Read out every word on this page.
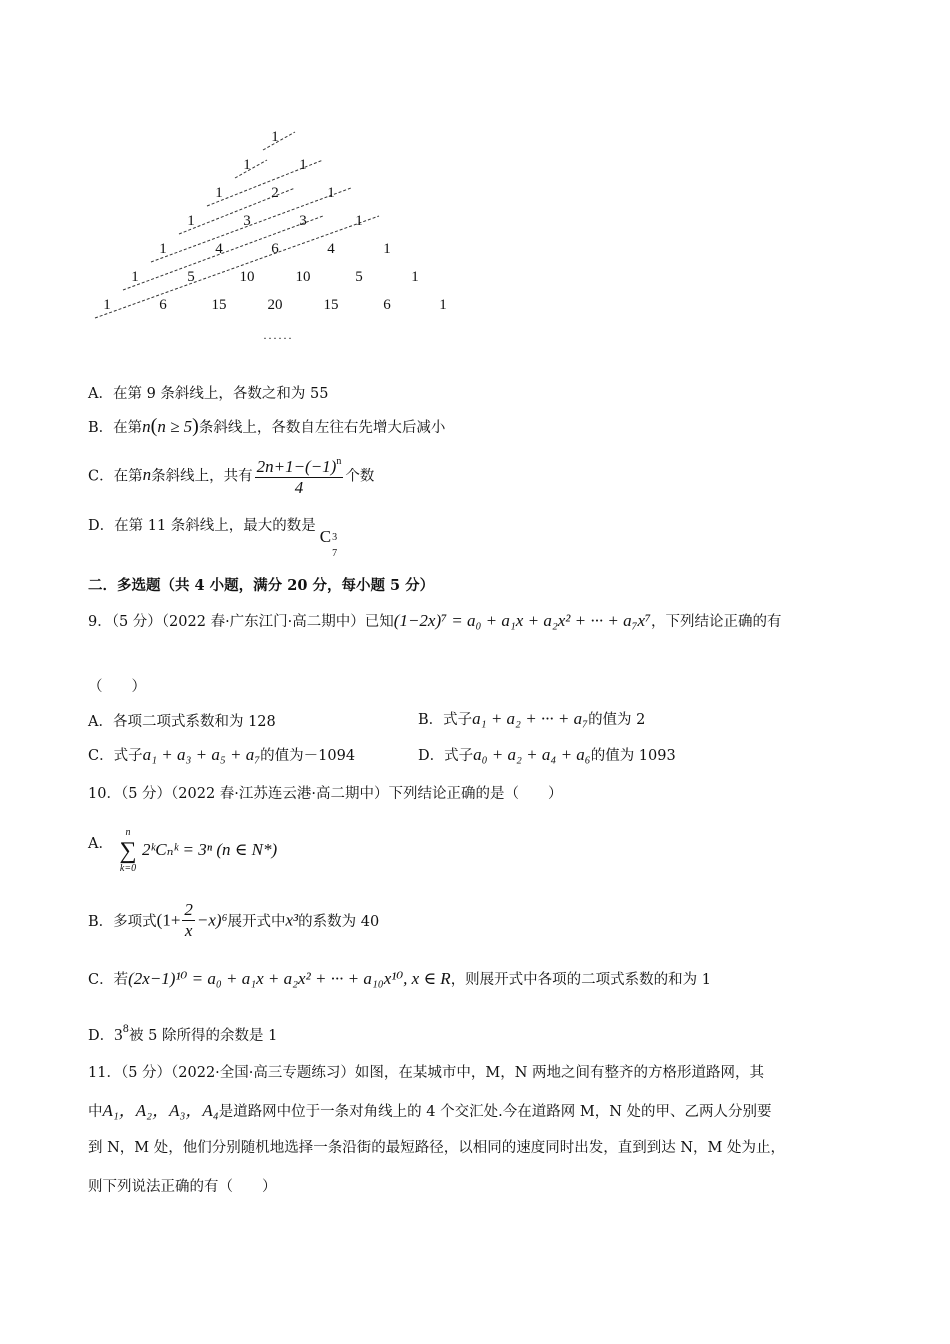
1
1	1
1	2	1
1	3	3	1
1	4	6	4	1
1	5	10	10	5	1
1	6	15	20	15	6	1
······
A．在第 9 条斜线上，各数之和为 55
B．在第n(n ≥ 5)条斜线上，各数自左往右先增大后减小
C．在第n条斜线上，共有 $\frac{2n+1-(-1)^n}{4}$ 个数
D．在第 11 条斜线上，最大的数是C 3
7
二．多选题（共 4 小题，满分 20 分，每小题 5 分）
9．（5 分）（2022 春·广东江门·高二期中）已知(1−2x)⁷ = a₀ + a₁x + a₂x² + ··· + a₇x⁷，下列结论正确的有
（　　）
A．各项二项式系数和为 128	B．式子a₁ + a₂ + ··· + a₇的值为 2
C．式子a₁ + a₃ + a₅ + a₇的值为－1094	D．式子a₀ + a₂ + a₄ + a₆的值为 1093
10．（5 分）（2022 春·江苏连云港·高二期中）下列结论正确的是（　　）
A．
n
∑
k=0
2ᵏCₙᵏ = 3ⁿ (n ∈ N*)
B．多项式$(1+ \frac{2}{x} -x)^6$展开式中x³的系数为 40
C．若(2x−1)¹⁰ = a₀ + a₁x + a₂x² + ··· + a₁₀x¹⁰, x ∈ R，则展开式中各项的二项式系数的和为 1
D．$3^8$被 5 除所得的余数是 1
11．（5 分）（2022·全国·高三专题练习）如图，在某城市中，M，N 两地之间有整齐的方格形道路网，其
中A₁，A₂，A₃，A₄是道路网中位于一条对角线上的 4 个交汇处.今在道路网 M，N 处的甲、乙两人分别要
到 N，M 处，他们分别随机地选择一条沿街的最短路径，以相同的速度同时出发，直到到达 N，M 处为止，
则下列说法正确的有（　　）
